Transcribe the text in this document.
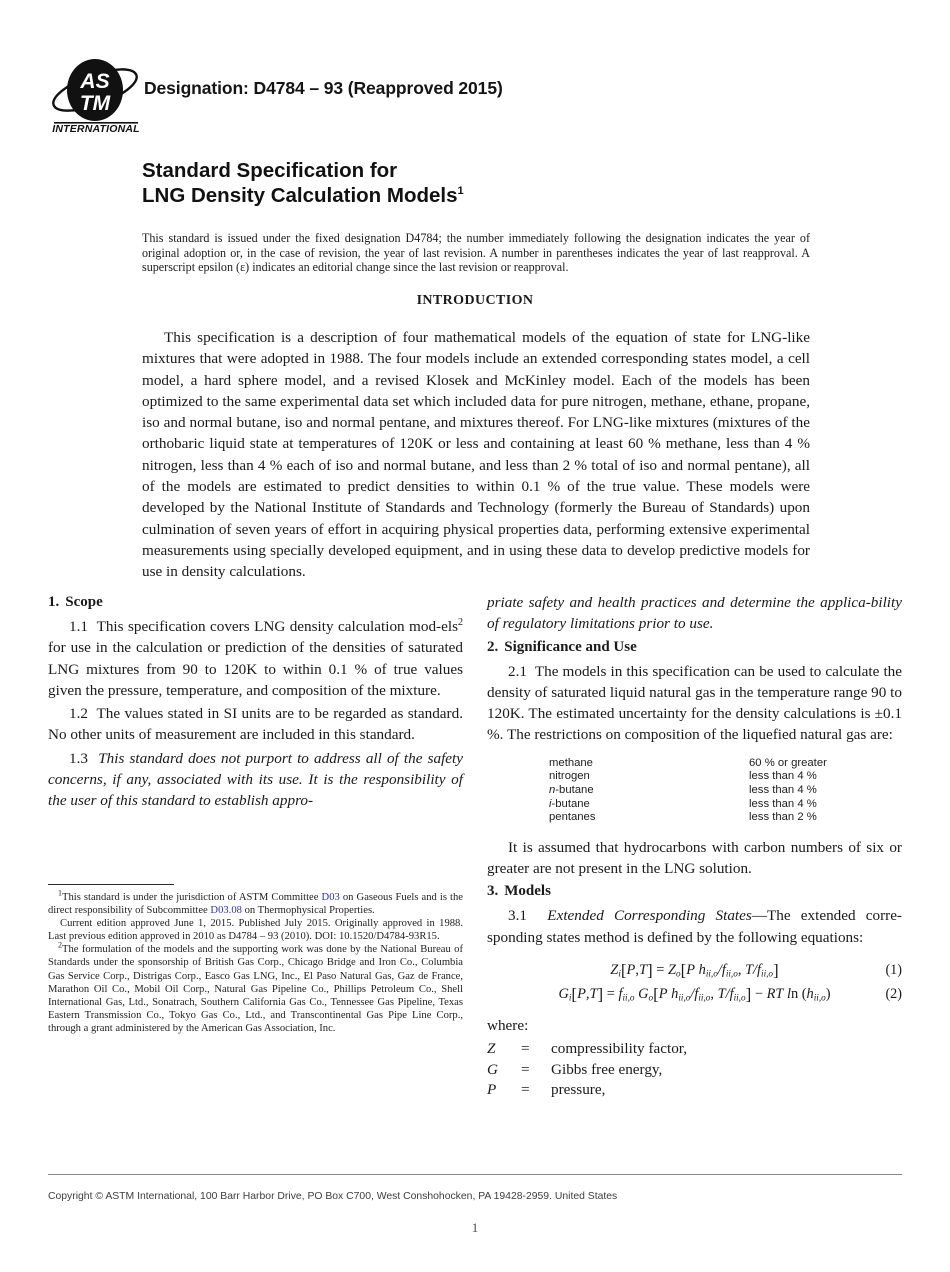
AS
TM
INTERNATIONAL
Designation: D4784 – 93 (Reapproved 2015)
Standard Specification for
LNG Density Calculation Models$^1$
This standard is issued under the fixed designation D4784; the number immediately following the designation indicates the year of original adoption or, in the case of revision, the year of last revision. A number in parentheses indicates the year of last reapproval. A superscript epsilon (ε) indicates an editorial change since the last revision or reapproval.
INTRODUCTION
This specification is a description of four mathematical models of the equation of state for LNG-like mixtures that were adopted in 1988. The four models include an extended corresponding states model, a cell model, a hard sphere model, and a revised Klosek and McKinley model. Each of the models has been optimized to the same experimental data set which included data for pure nitrogen, methane, ethane, propane, iso and normal butane, iso and normal pentane, and mixtures thereof. For LNG-like mixtures (mixtures of the orthobaric liquid state at temperatures of 120K or less and containing at least 60 % methane, less than 4 % nitrogen, less than 4 % each of iso and normal butane, and less than 2 % total of iso and normal pentane), all of the models are estimated to predict densities to within 0.1 % of the true value. These models were developed by the National Institute of Standards and Technology (formerly the Bureau of Standards) upon culmination of seven years of effort in acquiring physical properties data, performing extensive experimental measurements using specially developed equipment, and in using these data to develop predictive models for use in density calculations.
1. Scope

1.1 This specification covers LNG density calculation mod-els$^2$ for use in the calculation or prediction of the densities of saturated LNG mixtures from 90 to 120K to within 0.1 % of true values given the pressure, temperature, and composition of the mixture.

1.2 The values stated in SI units are to be regarded as standard. No other units of measurement are included in this standard.

1.3 This standard does not purport to address all of the safety concerns, if any, associated with its use. It is the responsibility of the user of this standard to establish appro-

priate safety and health practices and determine the applica-bility of regulatory limitations prior to use.

2. Significance and Use

2.1 The models in this specification can be used to calculate the density of saturated liquid natural gas in the temperature range 90 to 120K. The estimated uncertainty for the density calculations is ±0.1 %. The restrictions on composition of the liquefied natural gas are:

methane	60 % or greater
nitrogen	less than 4 %
n-butane	less than 4 %
i-butane	less than 4 %
pentanes	less than 2 %

It is assumed that hydrocarbons with carbon numbers of six or greater are not present in the LNG solution.

3. Models

3.1 Extended Corresponding States—The extended corre-sponding states method is defined by the following equations:

$Z_i[P,T] = Z_o[P$ $h_{ii,o}/f_{ii,o}$, $T/f_{ii,o}$]	(1)
$G_i[P,T] = f_{ii,o}$ $G_o[P$ $h_{ii,o}/f_{ii,o}$, $T/f_{ii,o}$] − RT $\ln (h_{ii,o})$	(2)
where:
Z	=	compressibility factor,
G	=	Gibbs free energy,
P	=	pressure,

$^1$This standard is under the jurisdiction of ASTM Committee D03 on Gaseous Fuels and is the direct responsibility of Subcommittee D03.08 on Thermophysical Properties.

Current edition approved June 1, 2015. Published July 2015. Originally approved in 1988. Last previous edition approved in 2010 as D4784 – 93 (2010). DOI: 10.1520/D4784-93R15.

$^2$The formulation of the models and the supporting work was done by the National Bureau of Standards under the sponsorship of British Gas Corp., Chicago Bridge and Iron Co., Columbia Gas Service Corp., Distrigas Corp., Easco Gas LNG, Inc., El Paso Natural Gas, Gaz de France, Marathon Oil Co., Mobil Oil Corp., Natural Gas Pipeline Co., Phillips Petroleum Co., Shell International Gas, Ltd., Sonatrach, Southern California Gas Co., Tennessee Gas Pipeline, Texas Eastern Transmission Co., Tokyo Gas Co., Ltd., and Transcontinental Gas Pipe Line Corp., through a grant administered by the American Gas Association, Inc.

Copyright © ASTM International, 100 Barr Harbor Drive, PO Box C700, West Conshohocken, PA 19428-2959. United States
1
